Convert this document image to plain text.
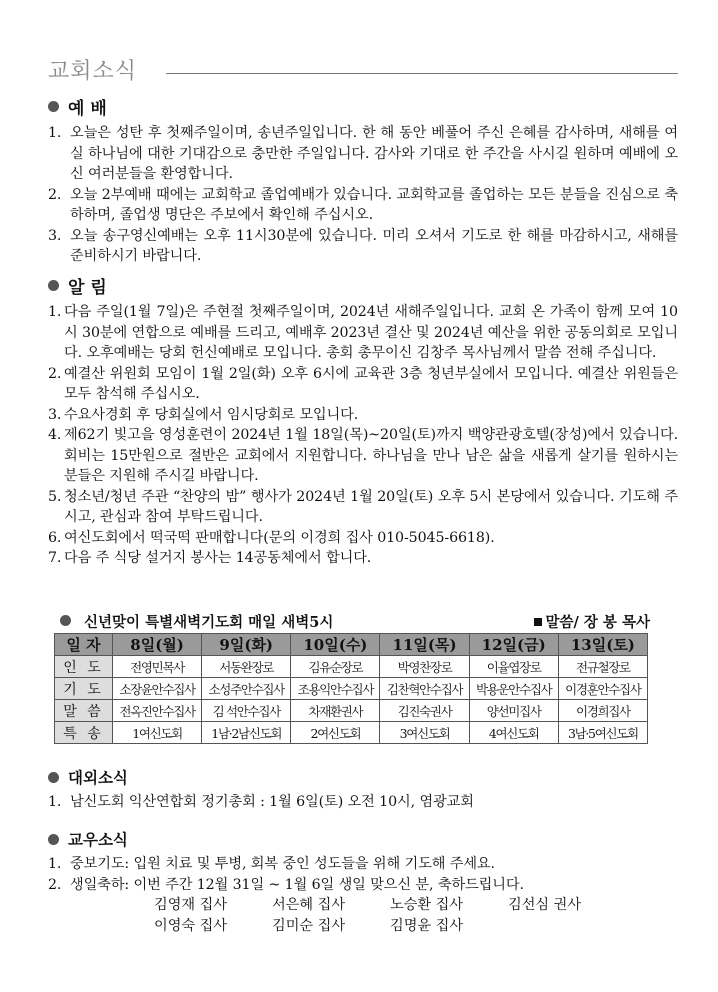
교회소식
예 배
1. 오늘은 성탄 후 첫째주일이며, 송년주일입니다. 한 해 동안 베풀어 주신 은혜를 감사하며, 새해를 여실 하나님에 대한 기대감으로 충만한 주일입니다. 감사와 기대로 한 주간을 사시길 원하며 예배에 오신 여러분들을 환영합니다.
2. 오늘 2부예배 때에는 교회학교 졸업예배가 있습니다. 교회학교를 졸업하는 모든 분들을 진심으로 축하하며, 졸업생 명단은 주보에서 확인해 주십시오.
3. 오늘 송구영신예배는 오후 11시30분에 있습니다. 미리 오셔서 기도로 한 해를 마감하시고, 새해를 준비하시기 바랍니다.
알 림
1. 다음 주일(1월 7일)은 주현절 첫째주일이며, 2024년 새해주일입니다. 교회 온 가족이 함께 모여 10시 30분에 연합으로 예배를 드리고, 예배후 2023년 결산 및 2024년 예산을 위한 공동의회로 모입니다. 오후예배는 당회 헌신예배로 모입니다. 총회 총무이신 김창주 목사님께서 말씀 전해 주십니다.
2. 예결산 위원회 모임이 1월 2일(화) 오후 6시에 교육관 3층 청년부실에서 모입니다. 예결산 위원들은 모두 참석해 주십시오.
3. 수요사경회 후 당회실에서 임시당회로 모입니다.
4. 제62기 빛고을 영성훈련이 2024년 1월 18일(목)~20일(토)까지 백양관광호텔(장성)에서 있습니다. 회비는 15만원으로 절반은 교회에서 지원합니다. 하나님을 만나 남은 삶을 새롭게 살기를 원하시는 분들은 지원해 주시길 바랍니다.
5. 청소년/청년 주관 “찬양의 밤” 행사가 2024년 1월 20일(토) 오후 5시 본당에서 있습니다. 기도해 주시고, 관심과 참여 부탁드립니다.
6. 여신도회에서 떡국떡 판매합니다(문의 이경희 집사 010-5045-6618).
7. 다음 주 식당 설거지 봉사는 14공동체에서 합니다.
신년맞이 특별새벽기도회 매일 새벽5시	말씀/ 장 봉 목사
일 자	8일(월)	9일(화)	10일(수)	11일(목)	12일(금)	13일(토)
인 도	전영민목사	서동완장로	김유순장로	박영찬장로	이율엽장로	전규철장로
기 도	소장윤안수집사	소성주안수집사	조용익안수집사	김찬혁안수집사	박용운안수집사	이경훈안수집사
말 씀	전옥진안수집사	김 석안수집사	차재환권사	김진숙권사	양선미집사	이경희집사
특 송	1여신도회	1남·2남신도회	2여신도회	3여신도회	4여신도회	3남·5여신도회
대외소식
1. 남신도회 익산연합회 정기총회 : 1월 6일(토) 오전 10시, 염광교회
교우소식
1. 중보기도: 입원 치료 및 투병, 회복 중인 성도들을 위해 기도해 주세요.
2. 생일축하: 이번 주간 12월 31일 ~ 1월 6일 생일 맞으신 분, 축하드립니다.
김영재 집사	서은혜 집사	노승환 집사	김선심 권사
이영숙 집사	김미순 집사	김명윤 집사
